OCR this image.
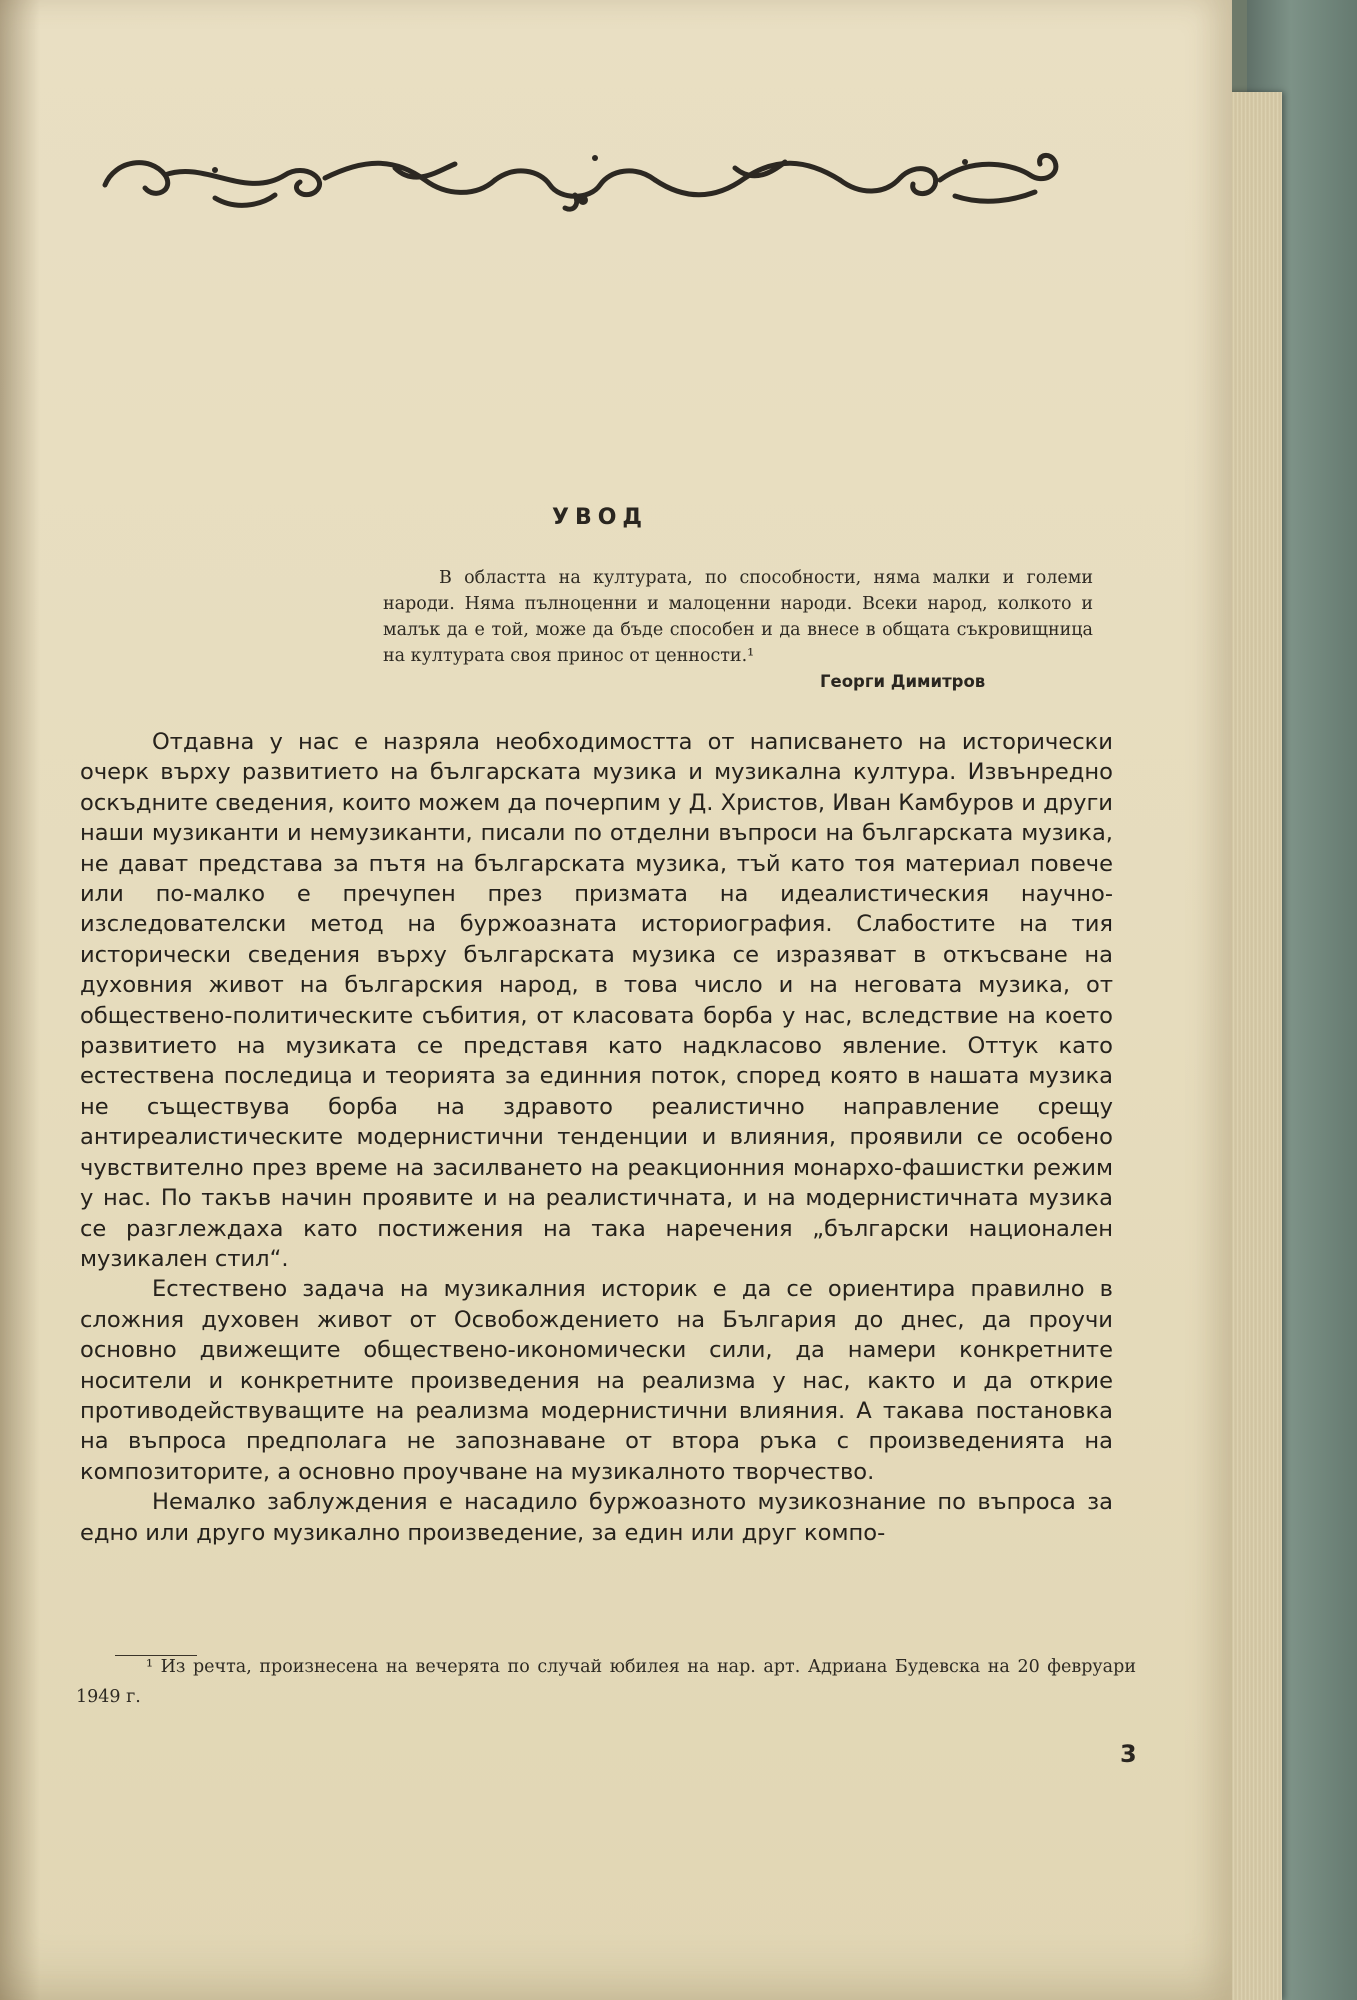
УВОД

В областта на културата, по способности, няма малки и големи народи. Няма пълноценни и малоценни народи. Всеки народ, колкото и малък да е той, може да бъде способен и да внесе в общата съкровищница на културата своя принос от ценности.¹

Георги Димитров

Отдавна у нас е назряла необходимостта от написването на исторически очерк върху развитието на българската музика и музикална култура. Извънредно оскъдните сведения, които можем да почерпим у Д. Христов, Иван Камбуров и други наши музиканти и немузиканти, писали по отделни въпроси на българската музика, не дават представа за пътя на българската музика, тъй като тоя материал повече или по-малко е пречупен през призмата на идеалистическия научно-изследователски метод на буржоазната историография. Слабостите на тия исторически сведения върху българската музика се изразяват в откъсване на духовния живот на българския народ, в това число и на неговата музика, от обществено-политическите събития, от класовата борба у нас, вследствие на което развитието на музиката се представя като надкласово явление. Оттук като естествена последица и теорията за единния поток, според която в нашата музика не съществува борба на здравото реалистично направление срещу антиреалистическите модернистични тенденции и влияния, проявили се особено чувствително през време на засилването на реакционния монархо-фашистки режим у нас. По такъв начин проявите и на реалистичната, и на модернистичната музика се разглеждаха като постижения на така наречения „български национален музикален стил“.

Естествено задача на музикалния историк е да се ориентира правилно в сложния духовен живот от Освобождението на България до днес, да проучи основно движещите обществено-икономически сили, да намери конкретните носители и конкретните произведения на реализма у нас, както и да открие противодействуващите на реализма модернистични влияния. А такава постановка на въпроса предполага не запознаване от втора ръка с произведенията на композиторите, а основно проучване на музикалното творчество.

Немалко заблуждения е насадило буржоазното музикознание по въпроса за едно или друго музикално произведение, за един или друг компо-

¹ Из речта, произнесена на вечерята по случай юбилея на нар. арт. Адриана Будевска на 20 февруари 1949 г.

3
